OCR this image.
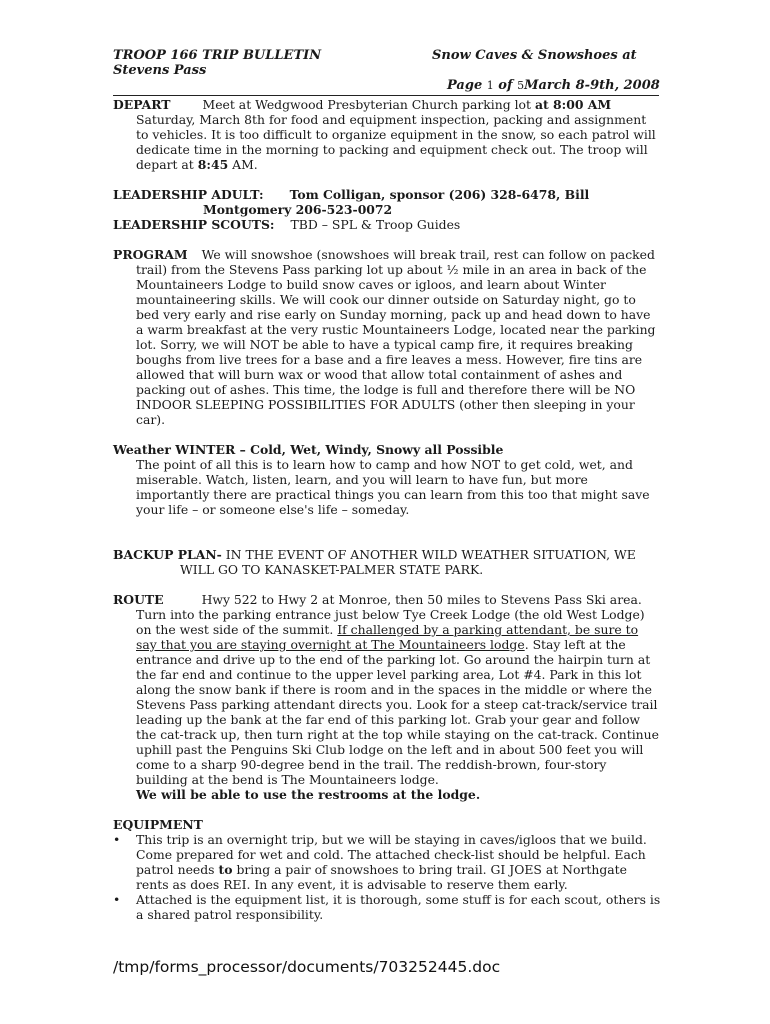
TROOP 166 TRIP BULLETIN	Snow Caves & Snowshoes at
Stevens Pass
Page 1 of 5March 8-9th, 2008

DEPART	Meet at Wedgwood Presbyterian Church parking lot at 8:00 AM Saturday, March 8th for food and equipment inspection, packing and assignment to vehicles. It is too difficult to organize equipment in the snow, so each patrol will dedicate time in the morning to packing and equipment check out. The troop will depart at 8:45 AM.

LEADERSHIP ADULT: Tom Colligan, sponsor (206) 328-6478, Bill

Montgomery 206-523-0072

LEADERSHIP SCOUTS: TBD – SPL & Troop Guides

PROGRAM We will snowshoe (snowshoes will break trail, rest can follow on packed trail) from the Stevens Pass parking lot up about ½ mile in an area in back of the Mountaineers Lodge to build snow caves or igloos, and learn about Winter mountaineering skills. We will cook our dinner outside on Saturday night, go to bed very early and rise early on Sunday morning, pack up and head down to have a warm breakfast at the very rustic Mountaineers Lodge, located near the parking lot. Sorry, we will NOT be able to have a typical camp fire, it requires breaking boughs from live trees for a base and a fire leaves a mess. However, fire tins are allowed that will burn wax or wood that allow total containment of ashes and packing out of ashes. This time, the lodge is full and therefore there will be NO INDOOR SLEEPING POSSIBILITIES FOR ADULTS (other then sleeping in your car).

Weather WINTER – Cold, Wet, Windy, Snowy all Possible

The point of all this is to learn how to camp and how NOT to get cold, wet, and miserable. Watch, listen, learn, and you will learn to have fun, but more importantly there are practical things you can learn from this too that might save your life – or someone else's life – someday.

BACKUP PLAN- IN THE EVENT OF ANOTHER WILD WEATHER SITUATION, WE

WILL GO TO KANASKET-PALMER STATE PARK.

ROUTE	Hwy 522 to Hwy 2 at Monroe, then 50 miles to Stevens Pass Ski area. Turn into the parking entrance just below Tye Creek Lodge (the old West Lodge) on the west side of the summit. If challenged by a parking attendant, be sure to say that you are staying overnight at The Mountaineers lodge. Stay left at the entrance and drive up to the end of the parking lot. Go around the hairpin turn at the far end and continue to the upper level parking area, Lot #4. Park in this lot along the snow bank if there is room and in the spaces in the middle or where the Stevens Pass parking attendant directs you. Look for a steep cat-track/service trail leading up the bank at the far end of this parking lot. Grab your gear and follow the cat-track up, then turn right at the top while staying on the cat-track. Continue uphill past the Penguins Ski Club lodge on the left and in about 500 feet you will come to a sharp 90-degree bend in the trail. The reddish-brown, four-story building at the bend is The Mountaineers lodge.

We will be able to use the restrooms at the lodge.

EQUIPMENT

• This trip is an overnight trip, but we will be staying in caves/igloos that we build. Come prepared for wet and cold. The attached check-list should be helpful. Each patrol needs to bring a pair of snowshoes to bring trail. GI JOES at Northgate rents as does REI. In any event, it is advisable to reserve them early.
• Attached is the equipment list, it is thorough, some stuff is for each scout, others is a shared patrol responsibility.
/tmp/forms_processor/documents/703252445.doc
